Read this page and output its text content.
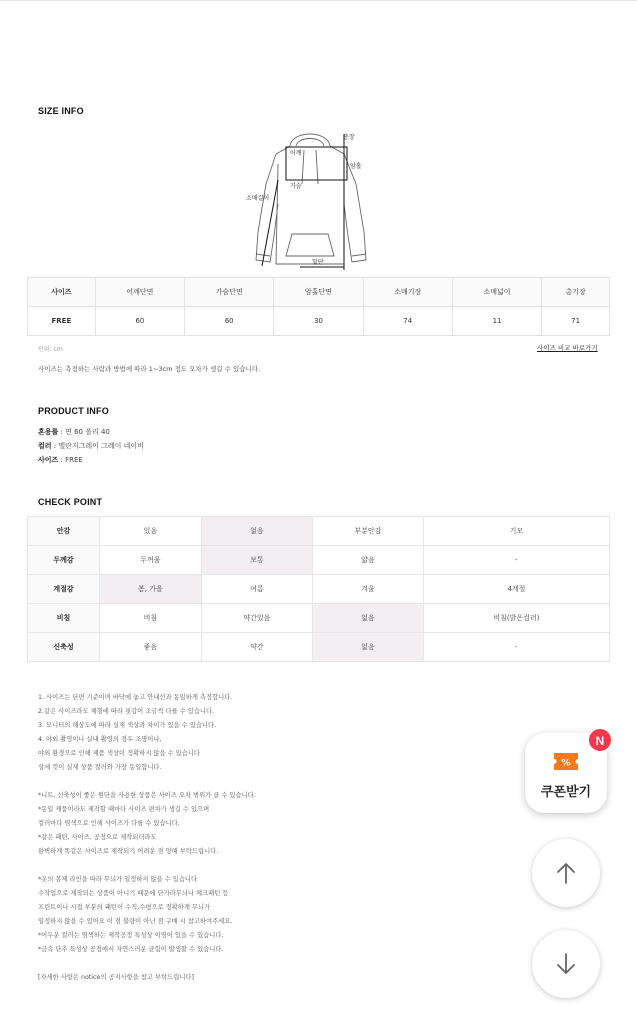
SIZE INFO
총장
어깨
암홀
가슴
소매길이
밑단
사이즈	어깨단면	가슴단면	암홀단면	소매기장	소매넓이	총기장
FREE	60	60	30	74	11	71
단위: cm	사이즈 비교 바로가기
사이즈는 측정하는 사람과 방법에 따라 1~3cm 정도 오차가 생길 수 있습니다.
PRODUCT INFO
혼용률 : 면 60 폴리 40
컬러 : 멜란지그레이 그레이 네이비
사이즈 : FREE
CHECK POINT
안감	있음	없음	부분안감	기모
두께감	두꺼움	보통	얇음	-
계절감	봄, 가을	여름	겨울	4계절
비침	비침	약간있음	없음	비침(밝은컬러)
신축성	좋음	약간	없음	-
1. 사이즈는 단면 기준이며 바닥에 놓고 안내선과 동일하게 측정합니다.
2.같은 사이즈라도 체형에 따라 핏감이 조금씩 다를 수 있습니다.
3. 모니터의 해상도에 따라 실제 색상과 차이가 있을 수 있습니다.
4. 야외 촬영이나 실내 촬영의 경우 조명이나,
야외 환경으로 인해 제품 색상이 정확하지 않을 수 있습니다
상세 컷이 실제 상품 컬러와 가장 동일합니다.
*니트, 신축성이 좋은 원단을 사용한 상품은 사이즈 오차 범위가 클 수 있습니다.
*동일 제품이라도 제작할 때마다 사이즈 편차가 생길 수 있으며
컬러마다 염색으로 인해 사이즈가 다를 수 있습니다.
*같은 패턴, 사이즈, 공정으로 제작되더라도
완벽하게 똑같은 사이즈로 제작되기 어려운 점 양해 부탁드립니다.
*옷의 봉제 라인을 따라 무늬가 일정하지 않을 수 있습니다
수작업으로 제작되는 상품이 아니기 때문에 단가라무늬나 체크패턴 등
프린트이나 시접 부분의 패턴이 수직,수평으로 정확하게 무늬가
일정하지 않을 수 있어요 이 점 불량이 아닌 점 구매 시 참고하여주세요.
*어두운 컬러는 염색하는 제작공정 특성상 이염이 있을 수 있습니다.
*금속 단추 특성상 공정에서 자연스러운 균힘이 발생할 수 있습니다.
[자세한 사항은 notice의 공지사항을 참고 부탁드립니다]
%
쿠폰받기
N
